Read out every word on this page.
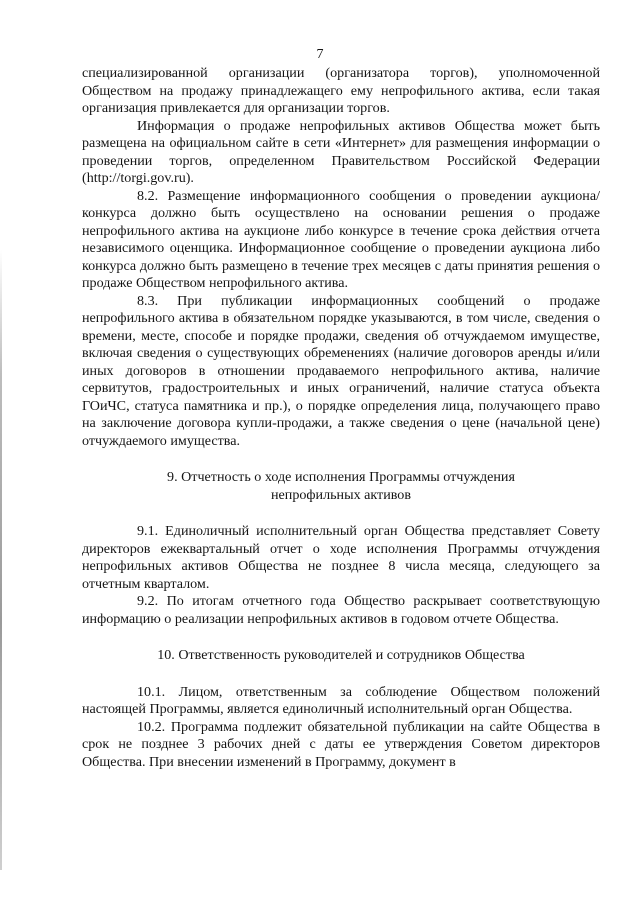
7

специализированной организации (организатора торгов), уполномоченной Обществом на продажу принадлежащего ему непрофильного актива, если такая организация привлекается для организации торгов.

Информация о продаже непрофильных активов Общества может быть размещена на официальном сайте в сети «Интернет» для размещения информации о проведении торгов, определенном Правительством Российской Федерации (http://torgi.gov.ru).

8.2. Размещение информационного сообщения о проведении аукциона/конкурса должно быть осуществлено на основании решения о продаже непрофильного актива на аукционе либо конкурсе в течение срока действия отчета независимого оценщика. Информационное сообщение о проведении аукциона либо конкурса должно быть размещено в течение трех месяцев с даты принятия решения о продаже Обществом непрофильного актива.

8.3. При публикации информационных сообщений о продаже непрофильного актива в обязательном порядке указываются, в том числе, сведения о времени, месте, способе и порядке продажи, сведения об отчуждаемом имуществе, включая сведения о существующих обременениях (наличие договоров аренды и/или иных договоров в отношении продаваемого непрофильного актива, наличие сервитутов, градостроительных и иных ограничений, наличие статуса объекта ГОиЧС, статуса памятника и пр.), о порядке определения лица, получающего право на заключение договора купли-продажи, а также сведения о цене (начальной цене) отчуждаемого имущества.

9. Отчетность о ходе исполнения Программы отчуждения
непрофильных активов

9.1. Единоличный исполнительный орган Общества представляет Совету директоров ежеквартальный отчет о ходе исполнения Программы отчуждения непрофильных активов Общества не позднее 8 числа месяца, следующего за отчетным кварталом.

9.2. По итогам отчетного года Общество раскрывает соответствующую информацию о реализации непрофильных активов в годовом отчете Общества.

10. Ответственность руководителей и сотрудников Общества

10.1. Лицом, ответственным за соблюдение Обществом положений настоящей Программы, является единоличный исполнительный орган Общества.

10.2. Программа подлежит обязательной публикации на сайте Общества в срок не позднее 3 рабочих дней с даты ее утверждения Советом директоров Общества. При внесении изменений в Программу, документ в
